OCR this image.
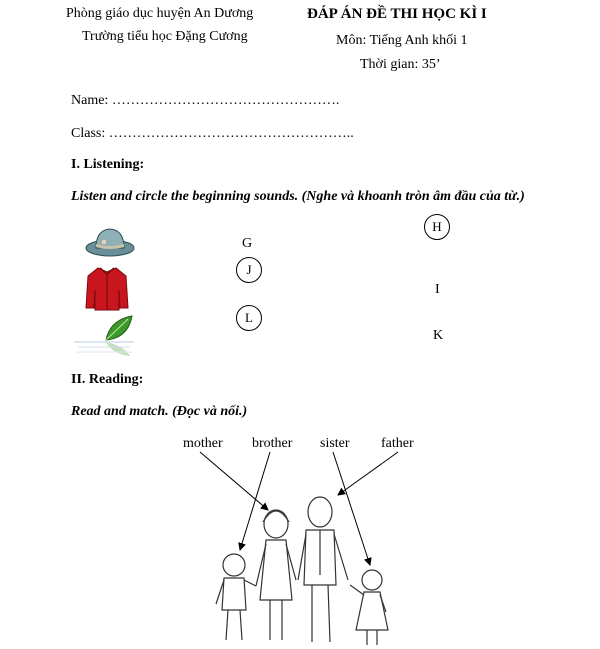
Phòng giáo dục huyện An Dương
Trường tiểu học Đặng Cương
ĐÁP ÁN ĐỀ THI HỌC KÌ I
Môn: Tiếng Anh khối 1
Thời gian: 35’
Name: ………………………………………….
Class: ……………………………………………..
I. Listening:
Listen and circle the beginning sounds. (Nghe và khoanh tròn âm đầu của từ.)
G
J
L
H
I
K
II. Reading:
Read and match. (Đọc và nối.)
mother brother sister father
